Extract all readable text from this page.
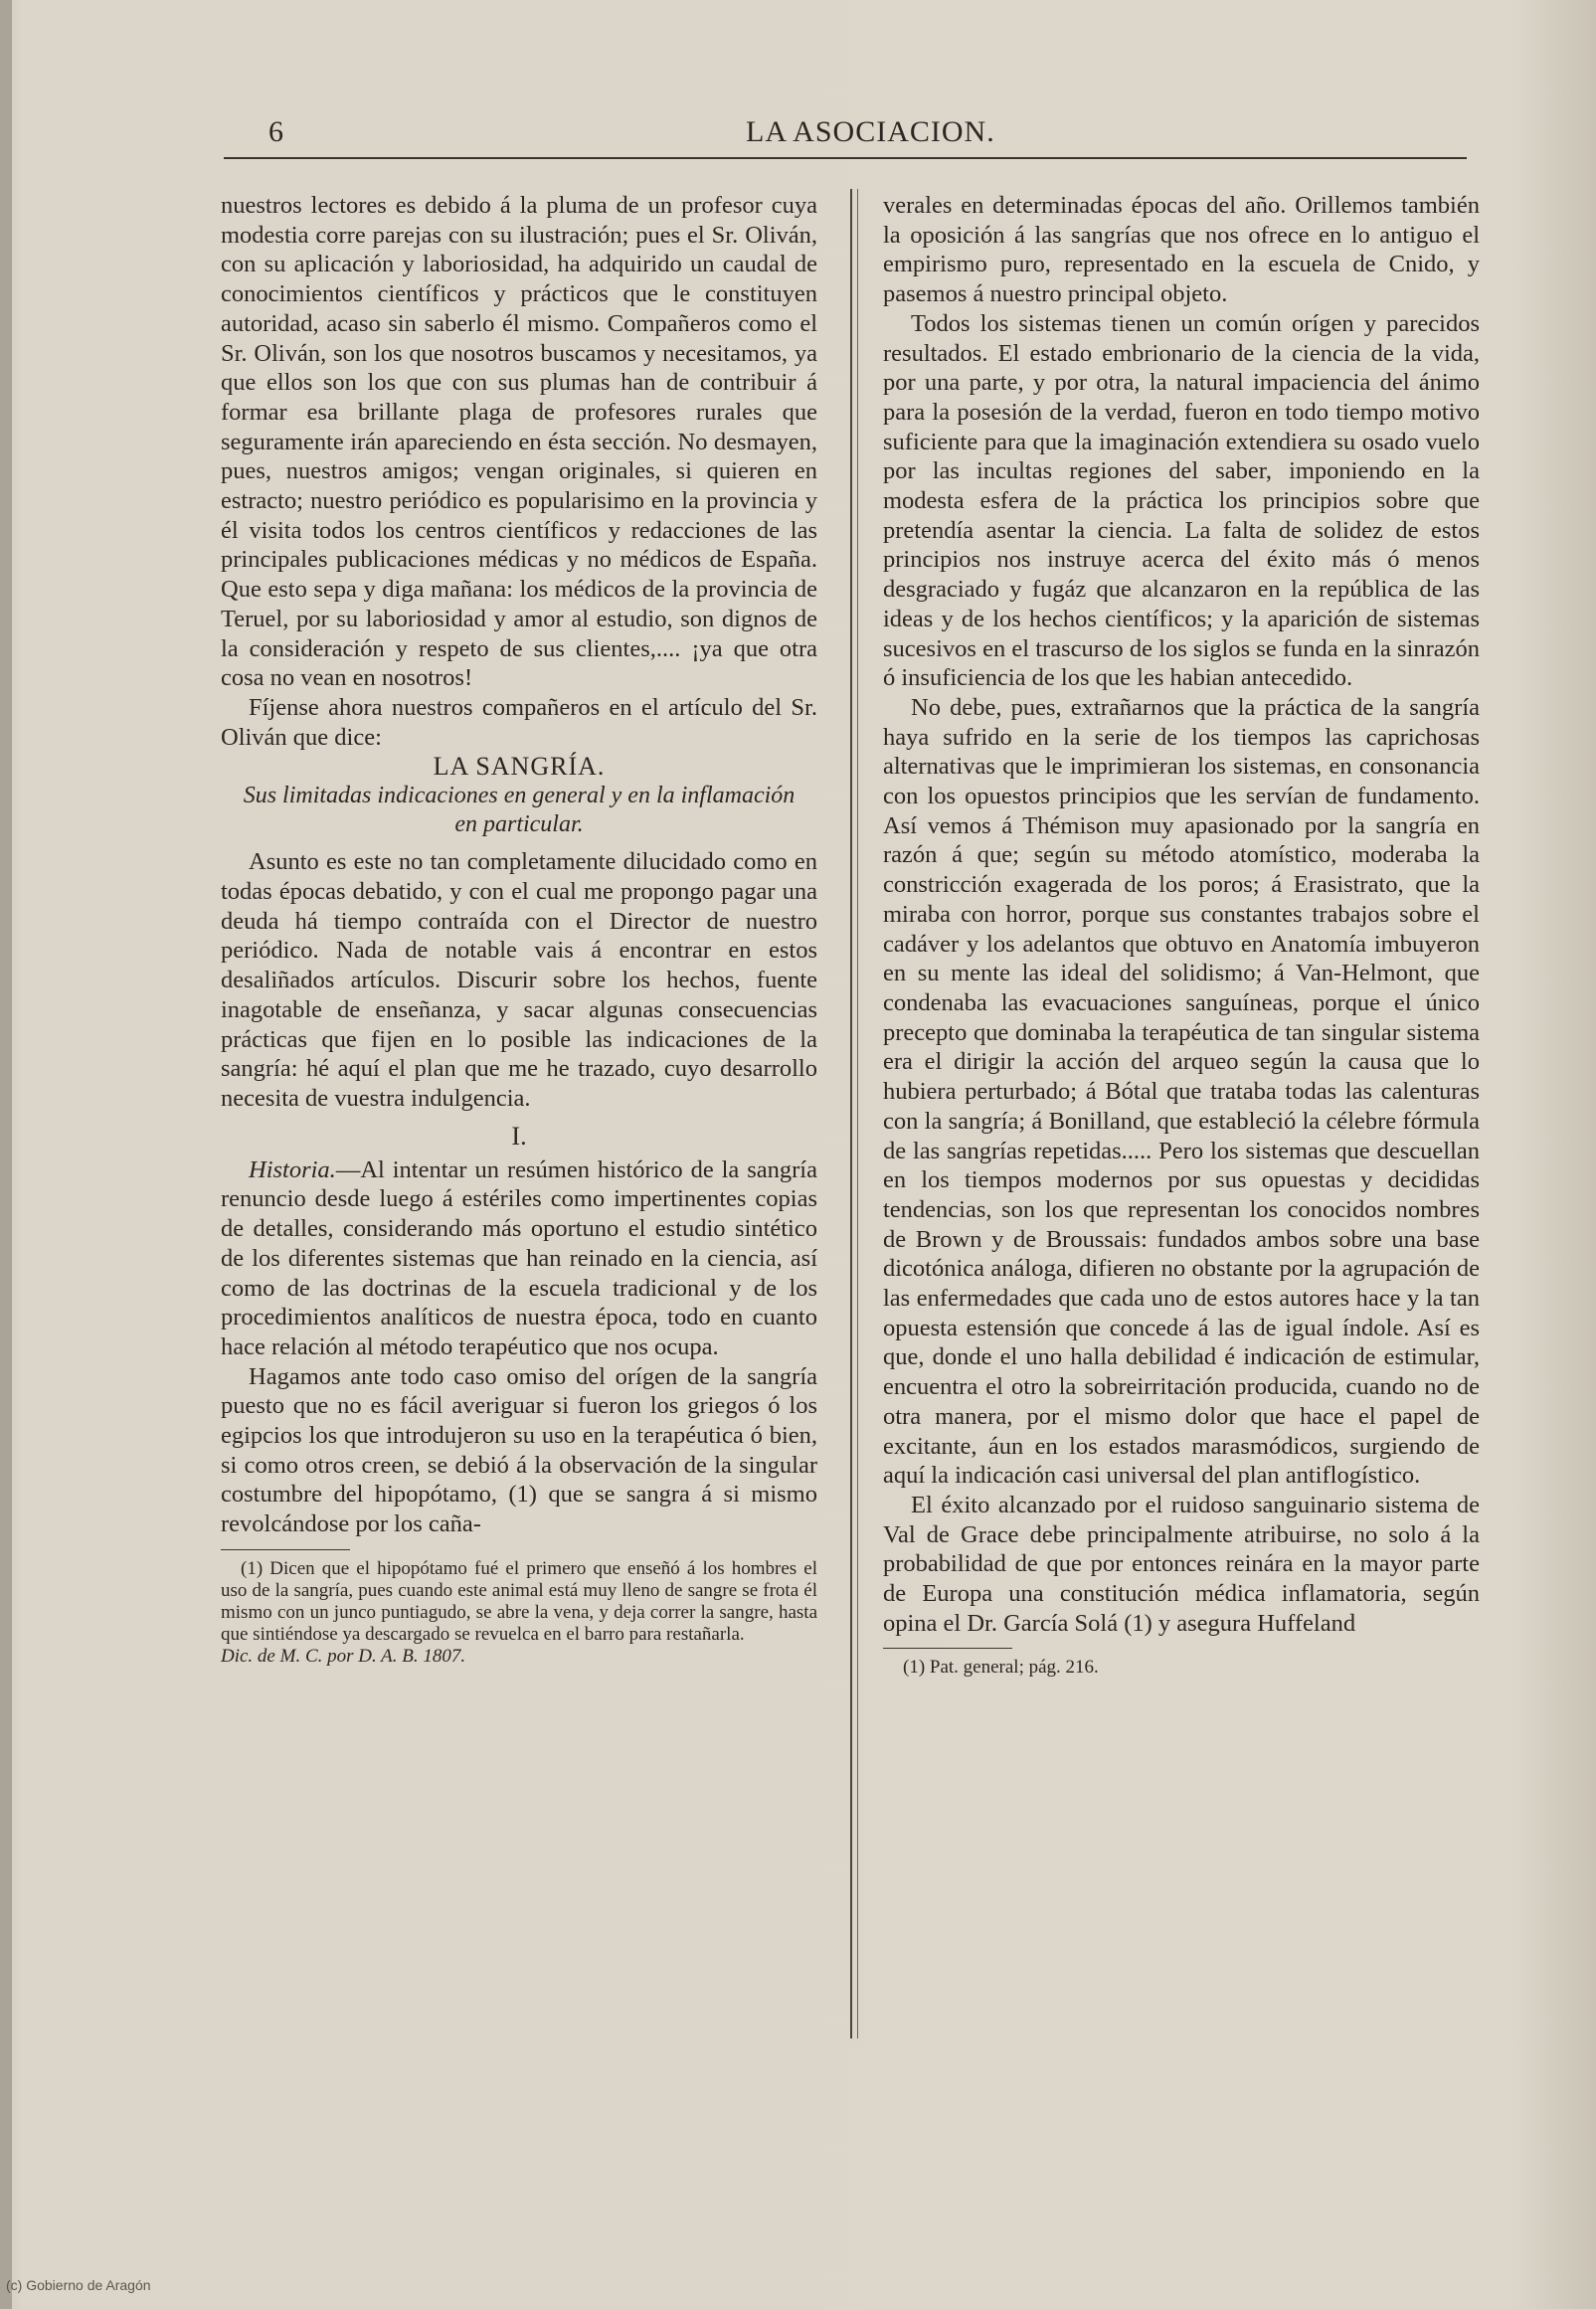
6	LA ASOCIACION.

nuestros lectores es debido á la pluma de un profesor cuya modestia corre parejas con su ilustración; pues el Sr. Oliván, con su aplicación y laboriosidad, ha adquirido un caudal de conocimientos científicos y prácticos que le constituyen autoridad, acaso sin saberlo él mismo. Compañeros como el Sr. Oliván, son los que nosotros buscamos y necesitamos, ya que ellos son los que con sus plumas han de contribuir á formar esa brillante plaga de profesores rurales que seguramente irán apareciendo en ésta sección. No desmayen, pues, nuestros amigos; vengan originales, si quieren en estracto; nuestro periódico es popularisimo en la provincia y él visita todos los centros científicos y redacciones de las principales publicaciones médicas y no médicos de España. Que esto sepa y diga mañana: los médicos de la provincia de Teruel, por su laboriosidad y amor al estudio, son dignos de la consideración y respeto de sus clientes,.... ¡ya que otra cosa no vean en nosotros!

Fíjense ahora nuestros compañeros en el artículo del Sr. Oliván que dice:

LA SANGRÍA.

Sus limitadas indicaciones en general y en la inflamación en particular.

Asunto es este no tan completamente dilucidado como en todas épocas debatido, y con el cual me propongo pagar una deuda há tiempo contraída con el Director de nuestro periódico. Nada de notable vais á encontrar en estos desaliñados artículos. Discurir sobre los hechos, fuente inagotable de enseñanza, y sacar algunas consecuencias prácticas que fijen en lo posible las indicaciones de la sangría: hé aquí el plan que me he trazado, cuyo desarrollo necesita de vuestra indulgencia.

I.

Historia.—Al intentar un resúmen histórico de la sangría renuncio desde luego á estériles como impertinentes copias de detalles, considerando más oportuno el estudio sintético de los diferentes sistemas que han reinado en la ciencia, así como de las doctrinas de la escuela tradicional y de los procedimientos analíticos de nuestra época, todo en cuanto hace relación al método terapéutico que nos ocupa.

Hagamos ante todo caso omiso del orígen de la sangría puesto que no es fácil averiguar si fueron los griegos ó los egipcios los que introdujeron su uso en la terapéutica ó bien, si como otros creen, se debió á la observación de la singular costumbre del hipopótamo, (1) que se sangra á si mismo revolcándose por los caña-

(1) Dicen que el hipopótamo fué el primero que enseñó á los hombres el uso de la sangría, pues cuando este animal está muy lleno de sangre se frota él mismo con un junco puntiagudo, se abre la vena, y deja correr la sangre, hasta que sintiéndose ya descargado se revuelca en el barro para restañarla.
Dic. de M. C. por D. A. B. 1807.

verales en determinadas épocas del año. Orillemos también la oposición á las sangrías que nos ofrece en lo antiguo el empirismo puro, representado en la escuela de Cnido, y pasemos á nuestro principal objeto.

Todos los sistemas tienen un común orígen y parecidos resultados. El estado embrionario de la ciencia de la vida, por una parte, y por otra, la natural impaciencia del ánimo para la posesión de la verdad, fueron en todo tiempo motivo suficiente para que la imaginación extendiera su osado vuelo por las incultas regiones del saber, imponiendo en la modesta esfera de la práctica los principios sobre que pretendía asentar la ciencia. La falta de solidez de estos principios nos instruye acerca del éxito más ó menos desgraciado y fugáz que alcanzaron en la república de las ideas y de los hechos científicos; y la aparición de sistemas sucesivos en el trascurso de los siglos se funda en la sinrazón ó insuficiencia de los que les habian antecedido.

No debe, pues, extrañarnos que la práctica de la sangría haya sufrido en la serie de los tiempos las caprichosas alternativas que le imprimieran los sistemas, en consonancia con los opuestos principios que les servían de fundamento. Así vemos á Thémison muy apasionado por la sangría en razón á que; según su método atomístico, moderaba la constricción exagerada de los poros; á Erasistrato, que la miraba con horror, porque sus constantes trabajos sobre el cadáver y los adelantos que obtuvo en Anatomía imbuyeron en su mente las ideal del solidismo; á Van-Helmont, que condenaba las evacuaciones sanguíneas, porque el único precepto que dominaba la terapéutica de tan singular sistema era el dirigir la acción del arqueo según la causa que lo hubiera perturbado; á Bótal que trataba todas las calenturas con la sangría; á Bonilland, que estableció la célebre fórmula de las sangrías repetidas..... Pero los sistemas que descuellan en los tiempos modernos por sus opuestas y decididas tendencias, son los que representan los conocidos nombres de Brown y de Broussais: fundados ambos sobre una base dicotónica análoga, difieren no obstante por la agrupación de las enfermedades que cada uno de estos autores hace y la tan opuesta estensión que concede á las de igual índole. Así es que, donde el uno halla debilidad é indicación de estimular, encuentra el otro la sobreirritación producida, cuando no de otra manera, por el mismo dolor que hace el papel de excitante, áun en los estados marasmódicos, surgiendo de aquí la indicación casi universal del plan antiflogístico.

El éxito alcanzado por el ruidoso sanguinario sistema de Val de Grace debe principalmente atribuirse, no solo á la probabilidad de que por entonces reinára en la mayor parte de Europa una constitución médica inflamatoria, según opina el Dr. García Solá (1) y asegura Huffeland

(1) Pat. general; pág. 216.

(c) Gobierno de Aragón
